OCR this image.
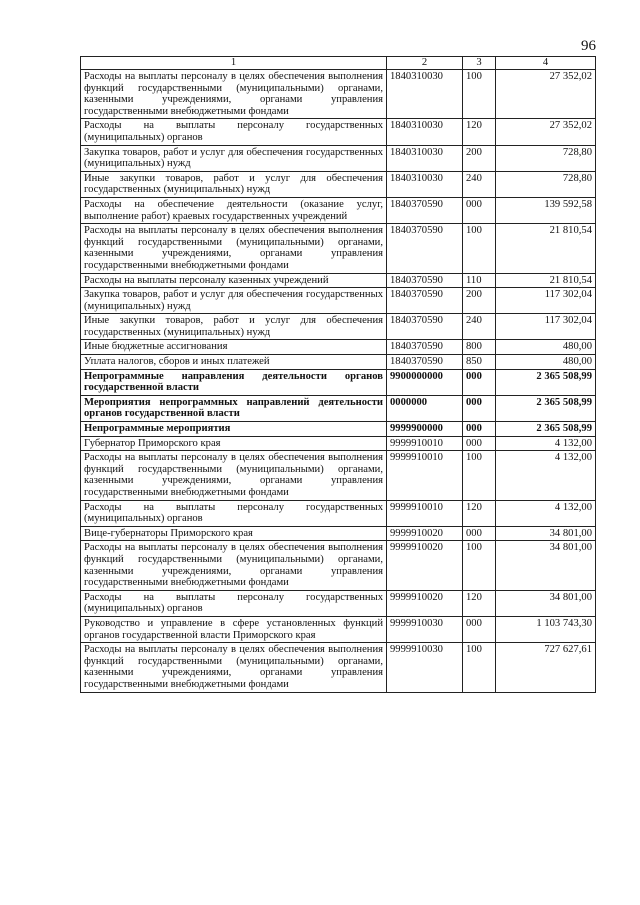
96
1	2	3	4
Расходы на выплаты персоналу в целях обеспечения выполнения функций государственными (муниципальными) органами, казенными учреждениями, органами управления государственными внебюджетными фондами	1840310030	100	27 352,02
Расходы на выплаты персоналу государственных (муниципальных) органов	1840310030	120	27 352,02
Закупка товаров, работ и услуг для обеспечения государственных (муниципальных) нужд	1840310030	200	728,80
Иные закупки товаров, работ и услуг для обеспечения государственных (муниципальных) нужд	1840310030	240	728,80
Расходы на обеспечение деятельности (оказание услуг, выполнение работ) краевых государственных учреждений	1840370590	000	139 592,58
Расходы на выплаты персоналу в целях обеспечения выполнения функций государственными (муниципальными) органами, казенными учреждениями, органами управления государственными внебюджетными фондами	1840370590	100	21 810,54
Расходы на выплаты персоналу казенных учреждений	1840370590	110	21 810,54
Закупка товаров, работ и услуг для обеспечения государственных (муниципальных) нужд	1840370590	200	117 302,04
Иные закупки товаров, работ и услуг для обеспечения государственных (муниципальных) нужд	1840370590	240	117 302,04
Иные бюджетные ассигнования	1840370590	800	480,00
Уплата налогов, сборов и иных платежей	1840370590	850	480,00
Непрограммные направления деятельности органов государственной власти	9900000000	000	2 365 508,99
Мероприятия непрограммных направлений деятельности органов государственной власти	0000000	000	2 365 508,99
Непрограммные мероприятия	9999900000	000	2 365 508,99
Губернатор Приморского края	9999910010	000	4 132,00
Расходы на выплаты персоналу в целях обеспечения выполнения функций государственными (муниципальными) органами, казенными учреждениями, органами управления государственными внебюджетными фондами	9999910010	100	4 132,00
Расходы на выплаты персоналу государственных (муниципальных) органов	9999910010	120	4 132,00
Вице-губернаторы Приморского края	9999910020	000	34 801,00
Расходы на выплаты персоналу в целях обеспечения выполнения функций государственными (муниципальными) органами, казенными учреждениями, органами управления государственными внебюджетными фондами	9999910020	100	34 801,00
Расходы на выплаты персоналу государственных (муниципальных) органов	9999910020	120	34 801,00
Руководство и управление в сфере установленных функций органов государственной власти Приморского края	9999910030	000	1 103 743,30
Расходы на выплаты персоналу в целях обеспечения выполнения функций государственными (муниципальными) органами, казенными учреждениями, органами управления государственными внебюджетными фондами	9999910030	100	727 627,61
